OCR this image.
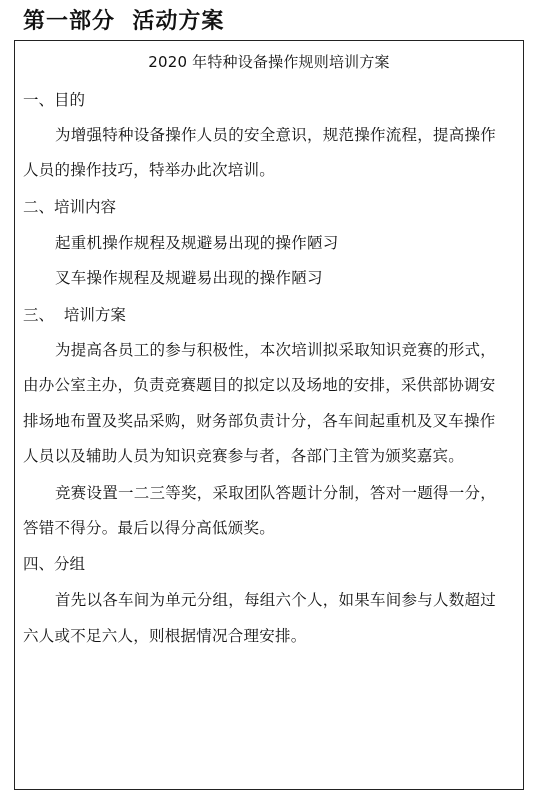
第一部分  活动方案
2020 年特种设备操作规则培训方案
一、目的
为增强特种设备操作人员的安全意识，规范操作流程，提高操作
人员的操作技巧，特举办此次培训。
二、培训内容
起重机操作规程及规避易出现的操作陋习
叉车操作规程及规避易出现的操作陋习
三、  培训方案
为提高各员工的参与积极性，本次培训拟采取知识竞赛的形式，
由办公室主办，负责竞赛题目的拟定以及场地的安排，采供部协调安
排场地布置及奖品采购，财务部负责计分，各车间起重机及叉车操作
人员以及辅助人员为知识竞赛参与者，各部门主管为颁奖嘉宾。
竞赛设置一二三等奖，采取团队答题计分制，答对一题得一分，
答错不得分。最后以得分高低颁奖。
四、分组
首先以各车间为单元分组，每组六个人，如果车间参与人数超过
六人或不足六人，则根据情况合理安排。
